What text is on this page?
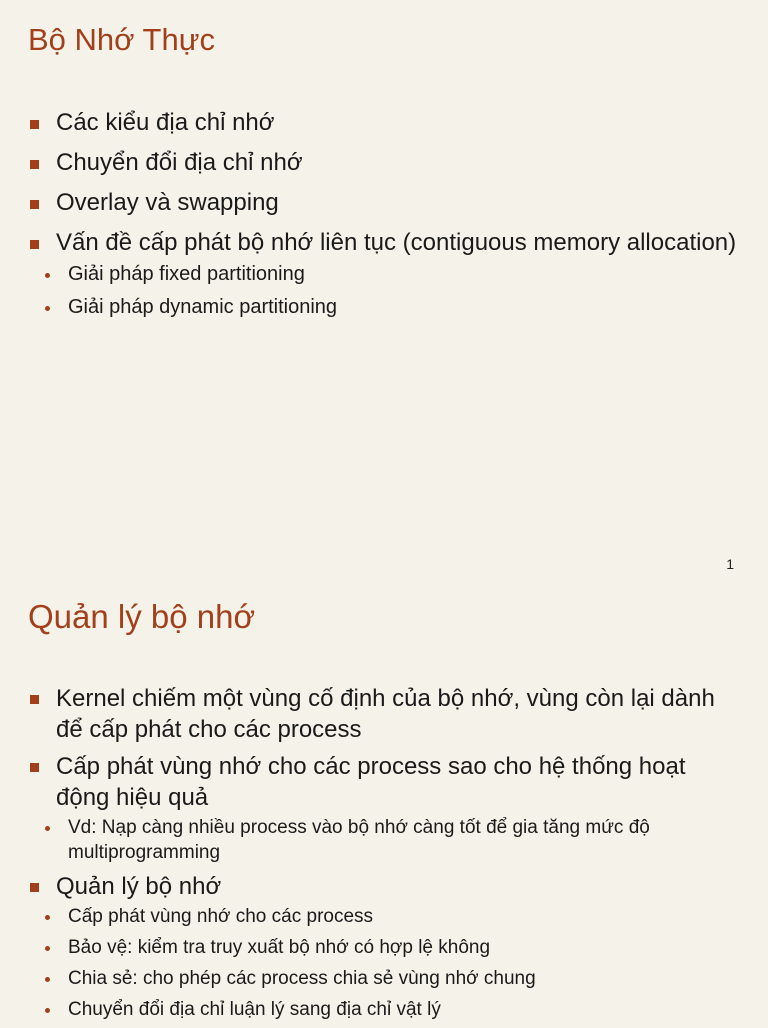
Bộ Nhớ Thực
Các kiểu địa chỉ nhớ
Chuyển đổi địa chỉ nhớ
Overlay và swapping
Vấn đề cấp phát bộ nhớ liên tục (contiguous memory allocation)
Giải pháp fixed partitioning
Giải pháp dynamic partitioning
1
Quản lý bộ nhớ
Kernel chiếm một vùng cố định của bộ nhớ, vùng còn lại dành để cấp phát cho các process
Cấp phát vùng nhớ cho các process sao cho hệ thống hoạt động hiệu quả
Vd: Nạp càng nhiều process vào bộ nhớ càng tốt để gia tăng mức độ multiprogramming
Quản lý bộ nhớ
Cấp phát vùng nhớ cho các process
Bảo vệ: kiểm tra truy xuất bộ nhớ có hợp lệ không
Chia sẻ: cho phép các process chia sẻ vùng nhớ chung
Chuyển đổi địa chỉ luận lý sang địa chỉ vật lý
